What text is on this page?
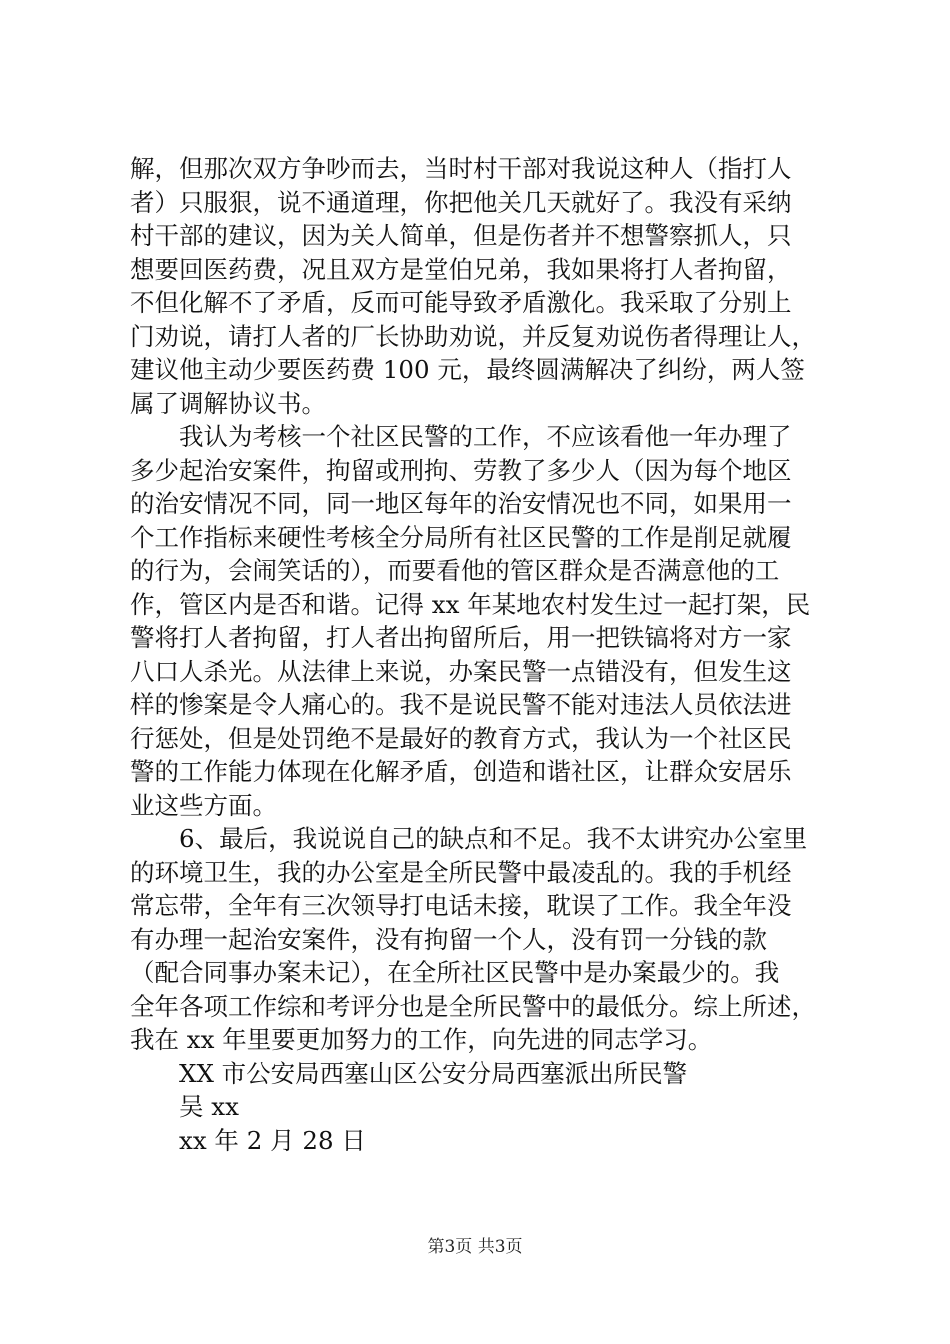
解，但那次双方争吵而去，当时村干部对我说这种人（指打人
者）只服狠，说不通道理，你把他关几天就好了。我没有采纳
村干部的建议，因为关人简单，但是伤者并不想警察抓人，只
想要回医药费，况且双方是堂伯兄弟，我如果将打人者拘留，
不但化解不了矛盾，反而可能导致矛盾激化。我采取了分别上
门劝说，请打人者的厂长协助劝说，并反复劝说伤者得理让人，
建议他主动少要医药费 100 元，最终圆满解决了纠纷，两人签
属了调解协议书。
我认为考核一个社区民警的工作，不应该看他一年办理了
多少起治安案件，拘留或刑拘、劳教了多少人（因为每个地区
的治安情况不同，同一地区每年的治安情况也不同，如果用一
个工作指标来硬性考核全分局所有社区民警的工作是削足就履
的行为，会闹笑话的），而要看他的管区群众是否满意他的工
作，管区内是否和谐。记得 xx 年某地农村发生过一起打架，民
警将打人者拘留，打人者出拘留所后，用一把铁镐将对方一家
八口人杀光。从法律上来说，办案民警一点错没有，但发生这
样的惨案是令人痛心的。我不是说民警不能对违法人员依法进
行惩处，但是处罚绝不是最好的教育方式，我认为一个社区民
警的工作能力体现在化解矛盾，创造和谐社区，让群众安居乐
业这些方面。
6、最后，我说说自己的缺点和不足。我不太讲究办公室里
的环境卫生，我的办公室是全所民警中最凌乱的。我的手机经
常忘带，全年有三次领导打电话未接，耽误了工作。我全年没
有办理一起治安案件，没有拘留一个人，没有罚一分钱的款
（配合同事办案未记），在全所社区民警中是办案最少的。我
全年各项工作综和考评分也是全所民警中的最低分。综上所述，
我在 xx 年里要更加努力的工作，向先进的同志学习。
XX 市公安局西塞山区公安分局西塞派出所民警
吴 xx
xx 年 2 月 28 日
第3页 共3页
